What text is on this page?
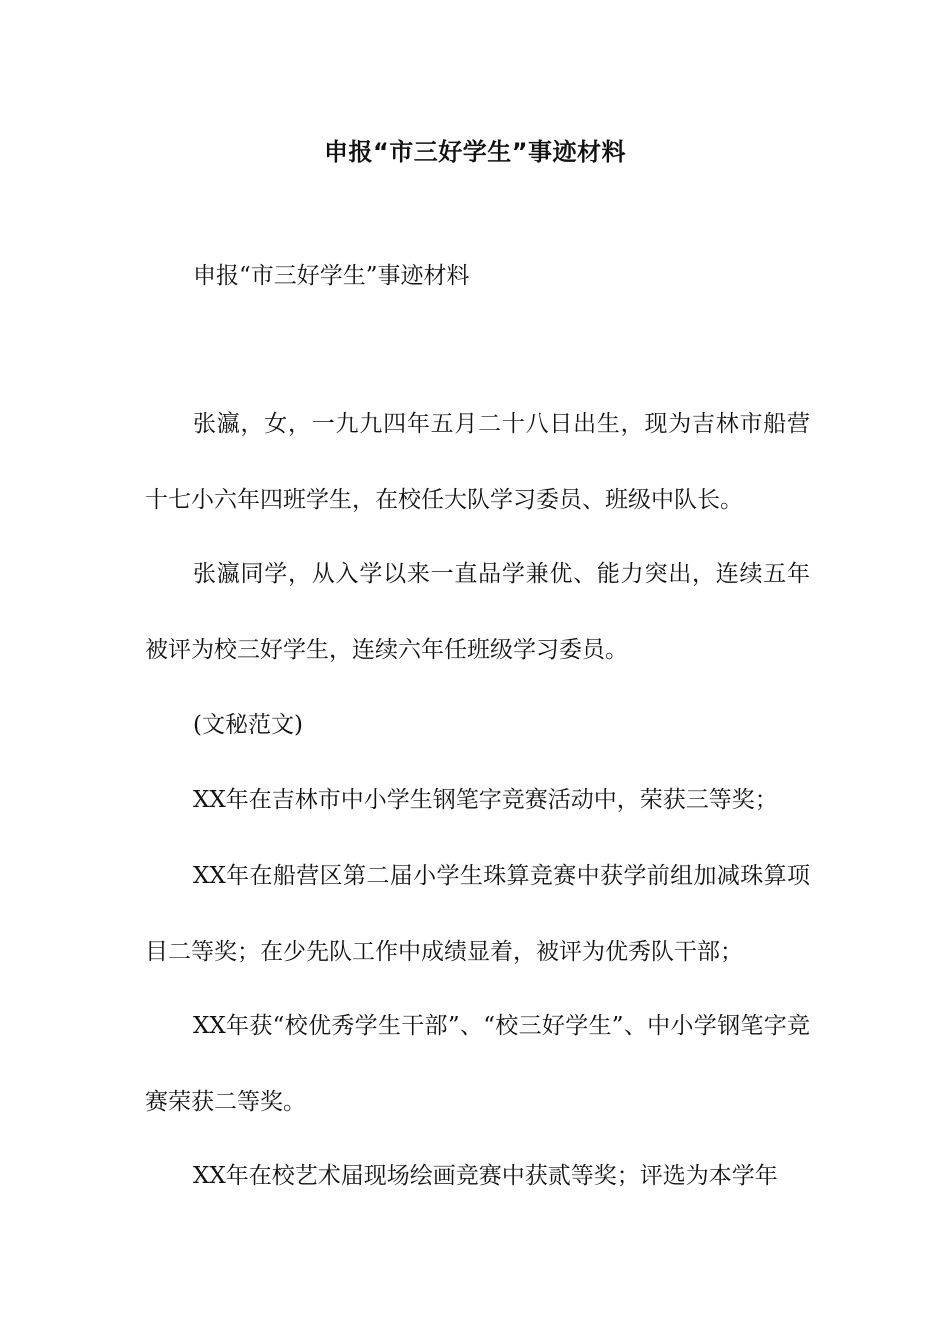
申报“市三好学生”事迹材料

申报“市三好学生”事迹材料

张瀛，女，一九九四年五月二十八日出生，现为吉林市船营十七小六年四班学生，在校任大队学习委员、班级中队长。

张瀛同学，从入学以来一直品学兼优、能力突出，连续五年被评为校三好学生，连续六年任班级学习委员。

(文秘范文)

XX年在吉林市中小学生钢笔字竞赛活动中，荣获三等奖；

XX年在船营区第二届小学生珠算竞赛中获学前组加减珠算项目二等奖；在少先队工作中成绩显着，被评为优秀队干部；

XX年获“校优秀学生干部”、“校三好学生”、中小学钢笔字竞赛荣获二等奖。

XX年在校艺术届现场绘画竞赛中获贰等奖；评选为本学年
